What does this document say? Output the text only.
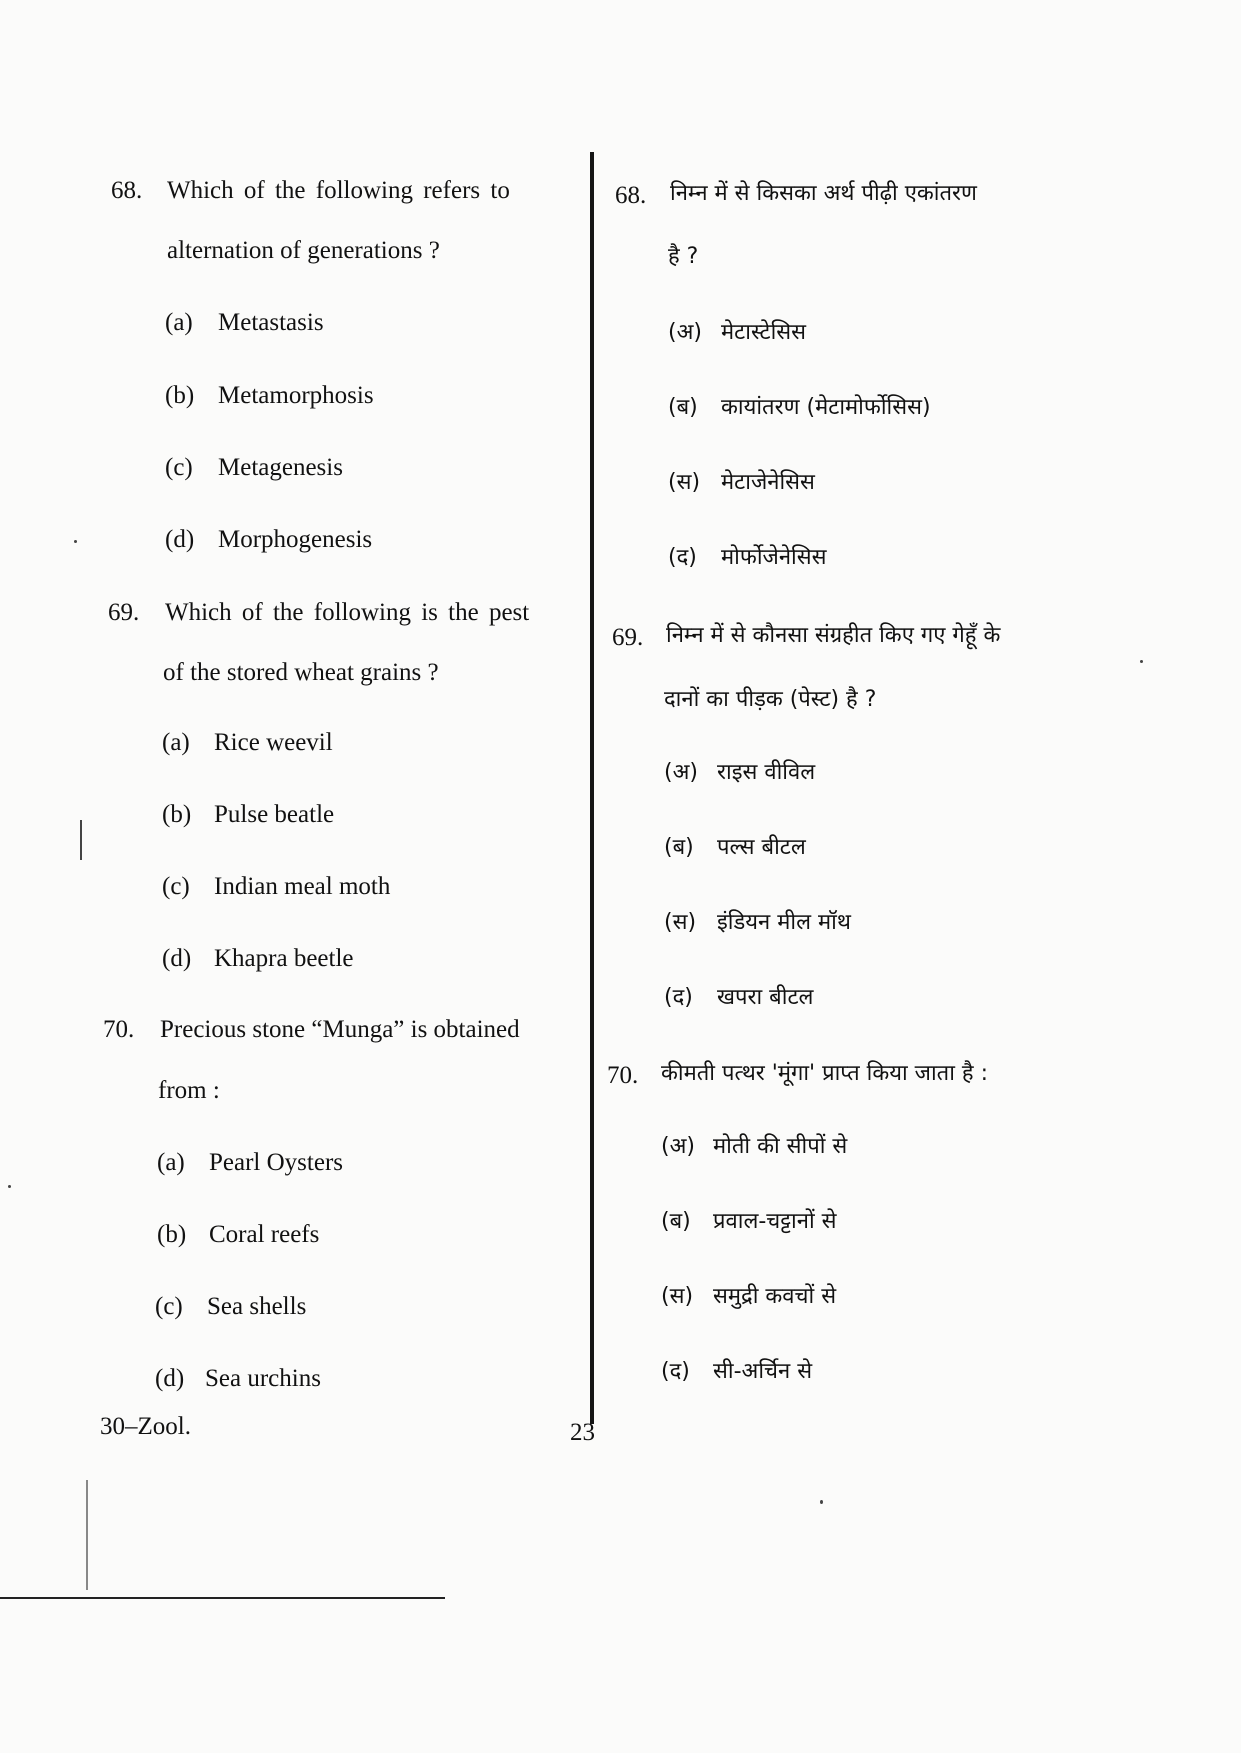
68. Which of the following refers to
alternation of generations ?
(a) Metastasis
(b) Metamorphosis
(c) Metagenesis
(d) Morphogenesis
69. Which of the following is the pest
of the stored wheat grains ?
(a) Rice weevil
(b) Pulse beatle
(c) Indian meal moth
(d) Khapra beetle
70. Precious stone “Munga” is obtained
from :
(a) Pearl Oysters
(b) Coral reefs
(c) Sea shells
(d) Sea urchins
68. निम्न में से किसका अर्थ पीढ़ी एकांतरण
है ?
(अ) मेटास्टेसिस
(ब) कायांतरण (मेटामोर्फोसिस)
(स) मेटाजेनेसिस
(द) मोर्फोजेनेसिस
69. निम्न में से कौनसा संग्रहीत किए गए गेहूँ के
दानों का पीड़क (पेस्ट) है ?
(अ) राइस वीविल
(ब) पल्स बीटल
(स) इंडियन मील मॉथ
(द) खपरा बीटल
70. कीमती पत्थर 'मूंगा' प्राप्त किया जाता है :
(अ) मोती की सीपों से
(ब) प्रवाल-चट्टानों से
(स) समुद्री कवचों से
(द) सी-अर्चिन से
30–Zool.	23
